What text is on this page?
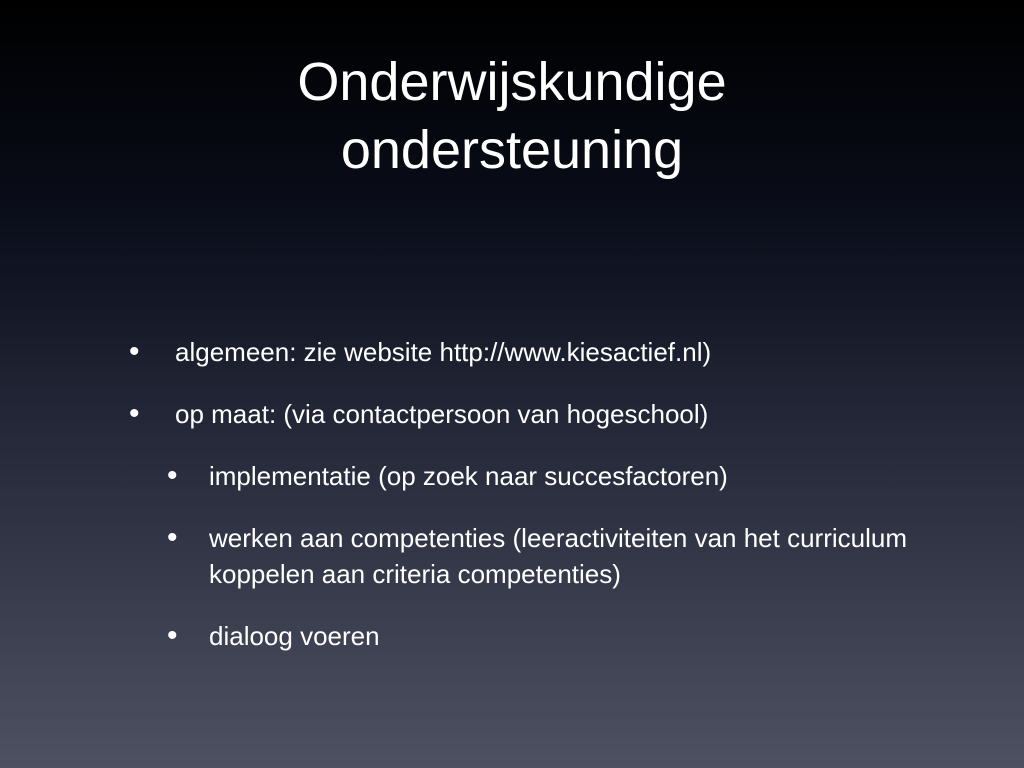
Onderwijskundige
ondersteuning
• algemeen: zie website http://www.kiesactief.nl)
• op maat: (via contactpersoon van hogeschool)
• implementatie (op zoek naar succesfactoren)
• werken aan competenties (leeractiviteiten van het curriculum koppelen aan criteria competenties)
• dialoog voeren
